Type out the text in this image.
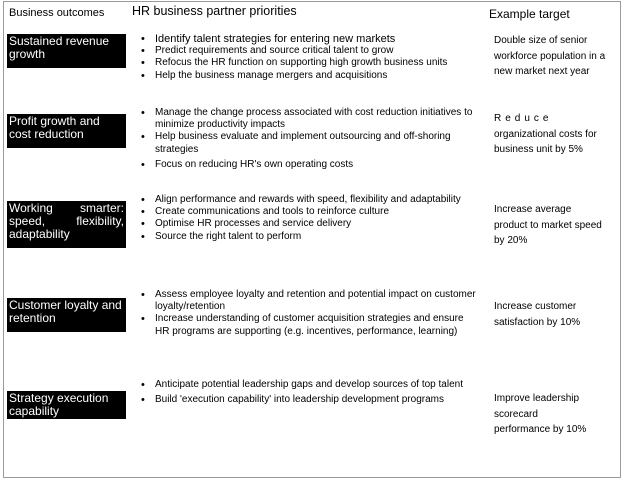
Business outcomes HR business partner priorities	Example target
Sustained revenue growth
• Identify talent strategies for entering new markets
• Predict requirements and source critical talent to grow
• Refocus the HR function on supporting high growth business units
• Help the business manage mergers and acquisitions
Double size of senior workforce population in a new market next year
Profit growth and cost reduction
• Manage the change process associated with cost reduction initiatives to minimize productivity impacts
• Help business evaluate and implement outsourcing and off-shoring strategies
• Focus on reducing HR's own operating costs
Reduce
organizational costs for business unit by 5%
Working smarter: speed, flexibility, adaptability
• Align performance and rewards with speed, flexibility and adaptability
• Create communications and tools to reinforce culture
• Optimise HR processes and service delivery
• Source the right talent to perform
Increase average product to market speed by 20%
Customer loyalty and retention
• Assess employee loyalty and retention and potential impact on customer loyalty/retention
• Increase understanding of customer acquisition strategies and ensure HR programs are supporting (e.g. incentives, performance, learning)
Increase customer satisfaction by 10%
Strategy execution capability
• Anticipate potential leadership gaps and develop sources of top talent
• Build 'execution capability' into leadership development programs	Improve leadership scorecard performance by 10%
